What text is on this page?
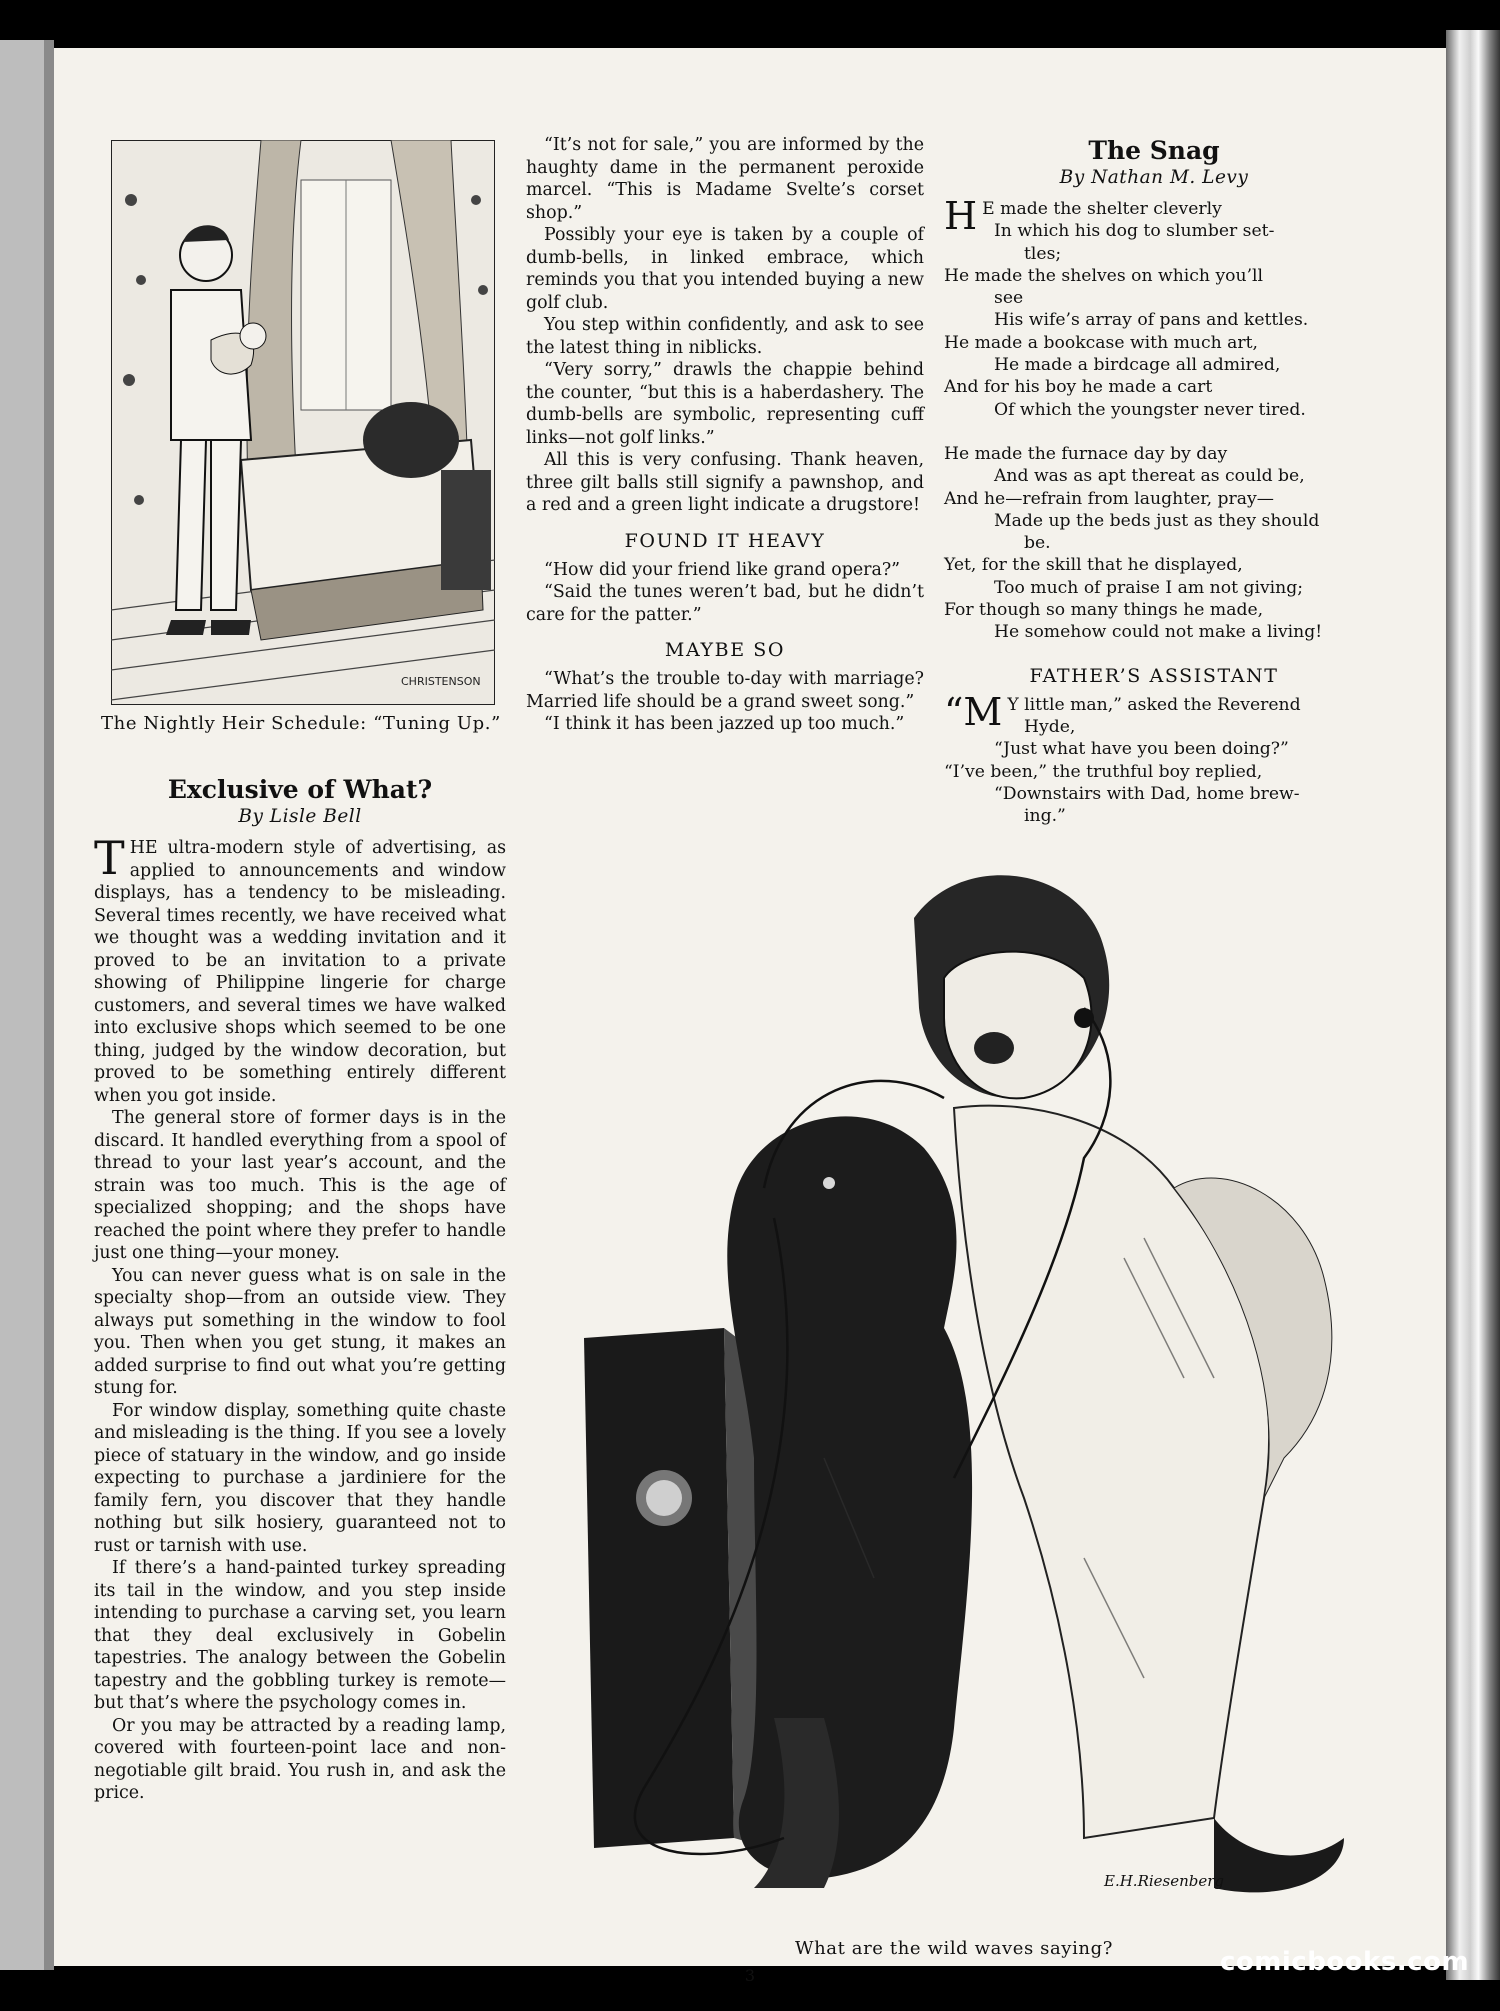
CHRISTENSON
The Nightly Heir Schedule: “Tuning Up.”
Exclusive of What?
By Lisle Bell

THE ultra-modern style of advertising, as applied to announcements and window displays, has a tendency to be misleading. Several times recently, we have received what we thought was a wedding invitation and it proved to be an invitation to a private showing of Philippine lingerie for charge customers, and several times we have walked into exclusive shops which seemed to be one thing, judged by the window decoration, but proved to be something entirely different when you got inside.

The general store of former days is in the discard. It handled everything from a spool of thread to your last year’s account, and the strain was too much. This is the age of specialized shopping; and the shops have reached the point where they prefer to handle just one thing—your money.

You can never guess what is on sale in the specialty shop—from an outside view. They always put something in the window to fool you. Then when you get stung, it makes an added surprise to find out what you’re getting stung for.

For window display, something quite chaste and misleading is the thing. If you see a lovely piece of statuary in the window, and go inside expecting to purchase a jardiniere for the family fern, you discover that they handle nothing but silk hosiery, guaranteed not to rust or tarnish with use.

If there’s a hand-painted turkey spreading its tail in the window, and you step inside intending to purchase a carving set, you learn that they deal exclusively in Gobelin tapestries. The analogy between the Gobelin tapestry and the gobbling turkey is remote—but that’s where the psychology comes in.

Or you may be attracted by a reading lamp, covered with fourteen-point lace and non-negotiable gilt braid. You rush in, and ask the price.

“It’s not for sale,” you are informed by the haughty dame in the permanent peroxide marcel. “This is Madame Svelte’s corset shop.”

Possibly your eye is taken by a couple of dumb-bells, in linked embrace, which reminds you that you intended buying a new golf club.

You step within confidently, and ask to see the latest thing in niblicks.

“Very sorry,” drawls the chappie behind the counter, “but this is a haberdashery. The dumb-bells are symbolic, representing cuff links—not golf links.”

All this is very confusing. Thank heaven, three gilt balls still signify a pawnshop, and a red and a green light indicate a drugstore!

FOUND IT HEAVY

“How did your friend like grand opera?”

“Said the tunes weren’t bad, but he didn’t care for the patter.”

MAYBE SO

“What’s the trouble to-day with marriage? Married life should be a grand sweet song.”

“I think it has been jazzed up too much.”

The Snag
By Nathan M. Levy
H E made the shelter cleverly
In which his dog to slumber set-
tles;
He made the shelves on which you’ll
see
His wife’s array of pans and kettles.
He made a bookcase with much art,
He made a birdcage all admired,
And for his boy he made a cart
Of which the youngster never tired.
He made the furnace day by day
And was as apt thereat as could be,
And he—refrain from laughter, pray—
Made up the beds just as they should
be.
Yet, for the skill that he displayed,
Too much of praise I am not giving;
For though so many things he made,
He somehow could not make a living!
FATHER’S ASSISTANT
“M Y little man,” asked the Reverend
Hyde,
“Just what have you been doing?”
“I’ve been,” the truthful boy replied,
“Downstairs with Dad, home brew-
ing.”
E.H.Riesenberg
What are the wild waves saying?
3	comicbooks.com
